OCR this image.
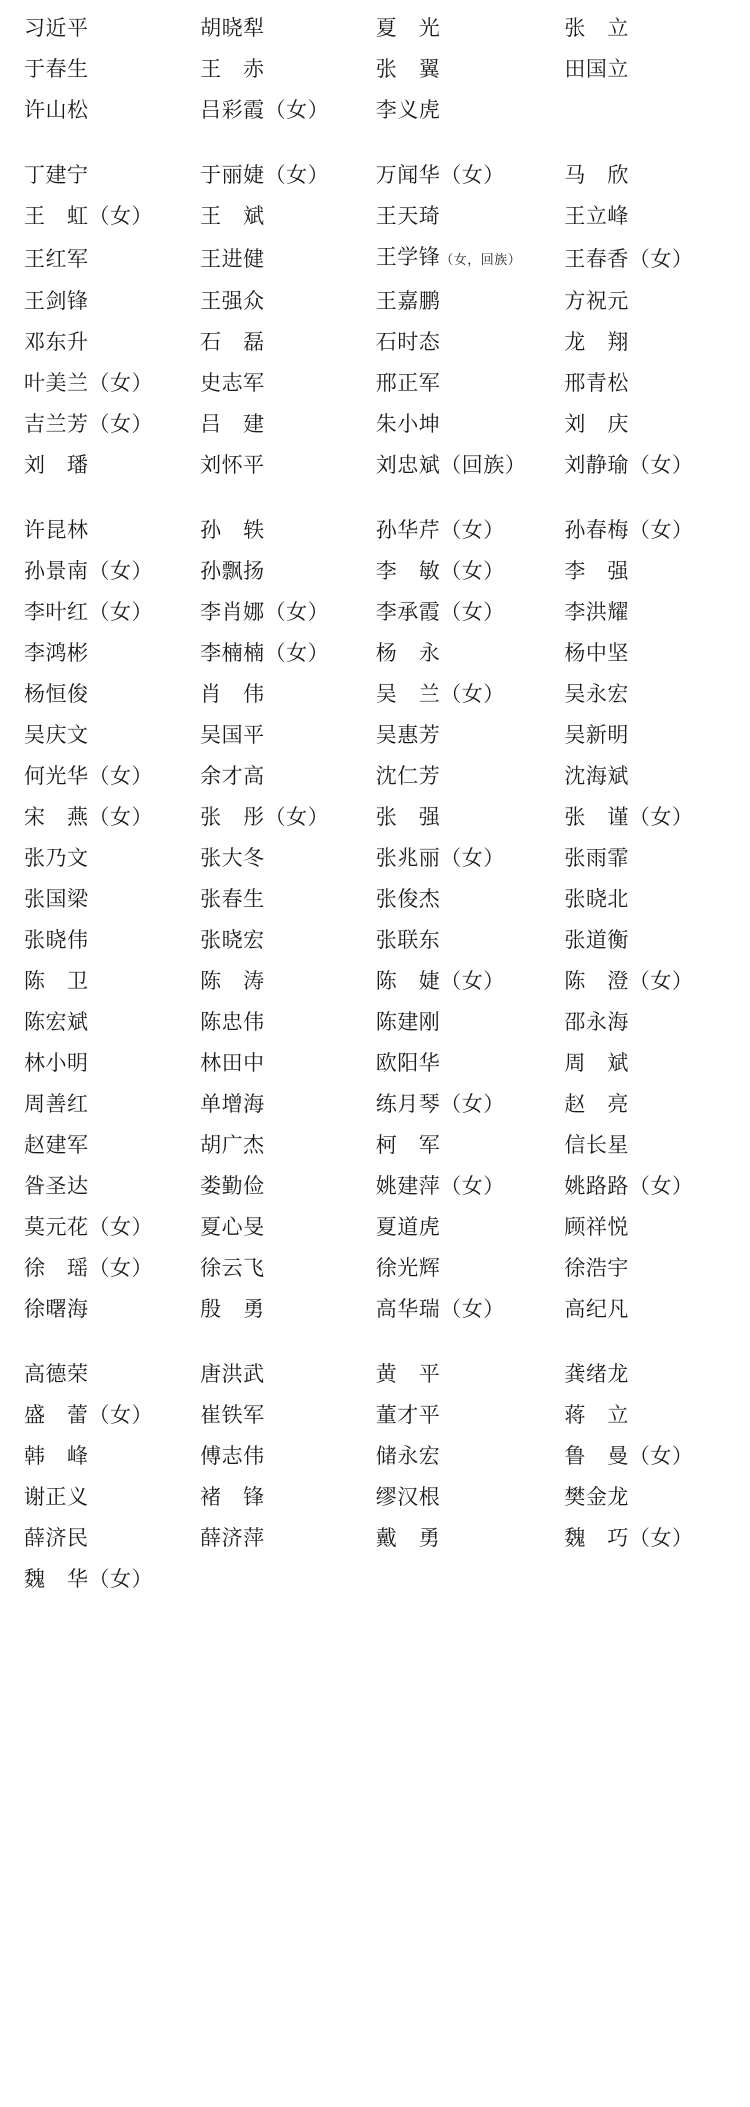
习近平	胡晓犁	夏　光	张　立
于春生	王　赤	张　翼	田国立
许山松	吕彩霞（女）	李义虎	

丁建宁	于丽婕（女）	万闻华（女）	马　欣
王　虹（女）	王　斌	王天琦	王立峰
王红军	王进健	王学锋（女，回族）	王春香（女）
王剑锋	王强众	王嘉鹏	方祝元
邓东升	石　磊	石时态	龙　翔
叶美兰（女）	史志军	邢正军	邢青松
吉兰芳（女）	吕　建	朱小坤	刘　庆
刘　璠	刘怀平	刘忠斌（回族）	刘静瑜（女）

许昆林	孙　轶	孙华芹（女）	孙春梅（女）
孙景南（女）	孙飘扬	李　敏（女）	李　强
李叶红（女）	李肖娜（女）	李承霞（女）	李洪耀
李鸿彬	李楠楠（女）	杨　永	杨中坚
杨恒俊	肖　伟	吴　兰（女）	吴永宏
吴庆文	吴国平	吴惠芳	吴新明
何光华（女）	余才高	沈仁芳	沈海斌
宋　燕（女）	张　彤（女）	张　强	张　谨（女）
张乃文	张大冬	张兆丽（女）	张雨霏
张国梁	张春生	张俊杰	张晓北
张晓伟	张晓宏	张联东	张道衡
陈　卫	陈　涛	陈　婕（女）	陈　澄（女）
陈宏斌	陈忠伟	陈建刚	邵永海
林小明	林田中	欧阳华	周　斌
周善红	单增海	练月琴（女）	赵　亮
赵建军	胡广杰	柯　军	信长星
昝圣达	娄勤俭	姚建萍（女）	姚路路（女）
莫元花（女）	夏心旻	夏道虎	顾祥悦
徐　瑶（女）	徐云飞	徐光辉	徐浩宇
徐曙海	殷　勇	高华瑞（女）	高纪凡

高德荣	唐洪武	黄　平	龚绪龙
盛　蕾（女）	崔铁军	董才平	蒋　立
韩　峰	傅志伟	储永宏	鲁　曼（女）
谢正义	褚　锋	缪汉根	樊金龙
薛济民	薛济萍	戴　勇	魏　巧（女）
魏　华（女）			
